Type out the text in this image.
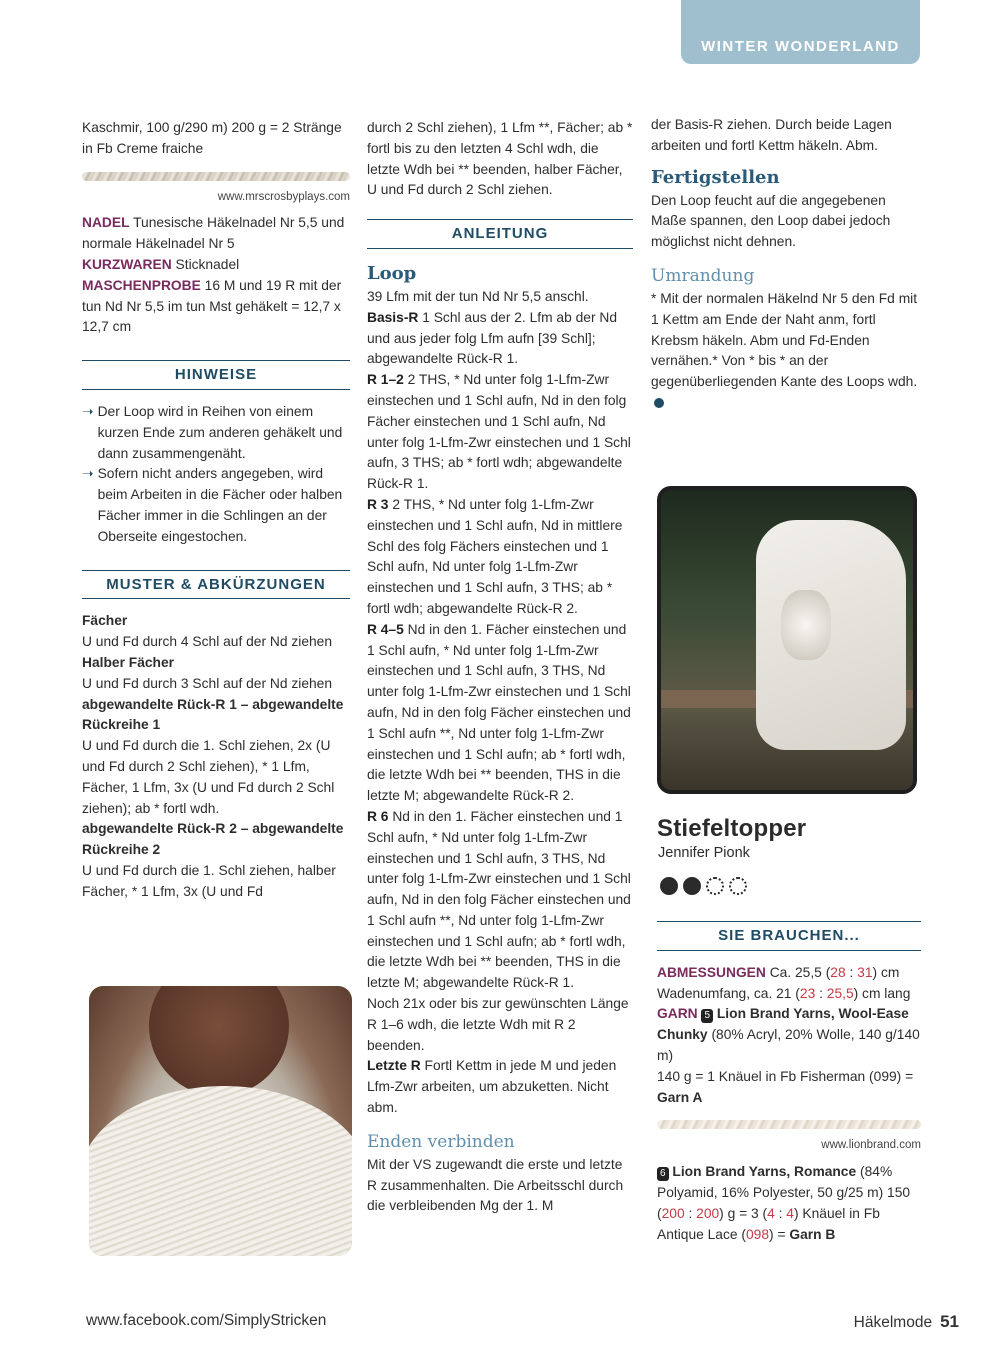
WINTER WONDERLAND

Kaschmir, 100 g/290 m) 200 g = 2 Stränge in Fb Creme fraiche

www.mrscrosbyplays.com

NADEL Tunesische Häkelnadel Nr 5,5 und normale Häkelnadel Nr 5

KURZWAREN Sticknadel

MASCHENPROBE 16 M und 19 R mit der tun Nd Nr 5,5 im tun Mst gehäkelt = 12,7 x 12,7 cm

HINWEISE
➝ Der Loop wird in Reihen von einem kurzen Ende zum anderen gehäkelt und dann zusammengenäht.
➝ Sofern nicht anders angegeben, wird beim Arbeiten in die Fächer oder halben Fächer immer in die Schlingen an der Oberseite eingestochen.
MUSTER & ABKÜRZUNGEN

Fächer

U und Fd durch 4 Schl auf der Nd ziehen

Halber Fächer

U und Fd durch 3 Schl auf der Nd ziehen

abgewandelte Rück-R 1 – abgewandelte Rückreihe 1

U und Fd durch die 1. Schl ziehen, 2x (U und Fd durch 2 Schl ziehen), * 1 Lfm, Fächer, 1 Lfm, 3x (U und Fd durch 2 Schl ziehen); ab * fortl wdh.

abgewandelte Rück-R 2 – abgewandelte Rückreihe 2

U und Fd durch die 1. Schl ziehen, halber Fächer, * 1 Lfm, 3x (U und Fd

durch 2 Schl ziehen), 1 Lfm **, Fächer; ab * fortl bis zu den letzten 4 Schl wdh, die letzte Wdh bei ** beenden, halber Fächer, U und Fd durch 2 Schl ziehen.

ANLEITUNG

Loop

39 Lfm mit der tun Nd Nr 5,5 anschl.

Basis-R 1 Schl aus der 2. Lfm ab der Nd und aus jeder folg Lfm aufn [39 Schl]; abgewandelte Rück-R 1.

R 1–2 2 THS, * Nd unter folg 1-Lfm-Zwr einstechen und 1 Schl aufn, Nd in den folg Fächer einstechen und 1 Schl aufn, Nd unter folg 1-Lfm-Zwr einstechen und 1 Schl aufn, 3 THS; ab * fortl wdh; abgewandelte Rück-R 1.

R 3 2 THS, * Nd unter folg 1-Lfm-Zwr einstechen und 1 Schl aufn, Nd in mittlere Schl des folg Fächers einstechen und 1 Schl aufn, Nd unter folg 1-Lfm-Zwr einstechen und 1 Schl aufn, 3 THS; ab * fortl wdh; abgewandelte Rück-R 2.

R 4–5 Nd in den 1. Fächer einstechen und 1 Schl aufn, * Nd unter folg 1-Lfm-Zwr einstechen und 1 Schl aufn, 3 THS, Nd unter folg 1-Lfm-Zwr einstechen und 1 Schl aufn, Nd in den folg Fächer einstechen und 1 Schl aufn **, Nd unter folg 1-Lfm-Zwr einstechen und 1 Schl aufn; ab * fortl wdh, die letzte Wdh bei ** beenden, THS in die letzte M; abgewandelte Rück-R 2.

R 6 Nd in den 1. Fächer einstechen und 1 Schl aufn, * Nd unter folg 1-Lfm-Zwr einstechen und 1 Schl aufn, 3 THS, Nd unter folg 1-Lfm-Zwr einstechen und 1 Schl aufn, Nd in den folg Fächer einstechen und 1 Schl aufn **, Nd unter folg 1-Lfm-Zwr einstechen und 1 Schl aufn; ab * fortl wdh, die letzte Wdh bei ** beenden, THS in die letzte M; abgewandelte Rück-R 1.

Noch 21x oder bis zur gewünschten Länge R 1–6 wdh, die letzte Wdh mit R 2 beenden.

Letzte R Fortl Kettm in jede M und jeden Lfm-Zwr arbeiten, um abzuketten. Nicht abm.

Enden verbinden

Mit der VS zugewandt die erste und letzte R zusammenhalten. Die Arbeitsschl durch die verbleibenden Mg der 1. M

der Basis-R ziehen. Durch beide Lagen arbeiten und fortl Kettm häkeln. Abm.

Fertigstellen

Den Loop feucht auf die angegebenen Maße spannen, den Loop dabei jedoch möglichst nicht dehnen.

Umrandung

* Mit der normalen Häkelnd Nr 5 den Fd mit 1 Kettm am Ende der Naht anm, fortl Krebsm häkeln. Abm und Fd-Enden vernähen.* Von * bis * an der gegenüberliegenden Kante des Loops wdh.

Stiefeltopper
Jennifer Pionk
SIE BRAUCHEN...

ABMESSUNGEN Ca. 25,5 (28 : 31) cm Wadenumfang, ca. 21 (23 : 25,5) cm lang

GARN 5 Lion Brand Yarns, Wool-Ease Chunky (80% Acryl, 20% Wolle, 140 g/140 m)

140 g = 1 Knäuel in Fb Fisherman (099) =

Garn A

www.lionbrand.com

6 Lion Brand Yarns, Romance (84% Polyamid, 16% Polyester, 50 g/25 m) 150 (200 : 200) g = 3 (4 : 4) Knäuel in Fb Antique Lace (098) = Garn B

www.facebook.com/SimplyStricken	Häkelmode 51
